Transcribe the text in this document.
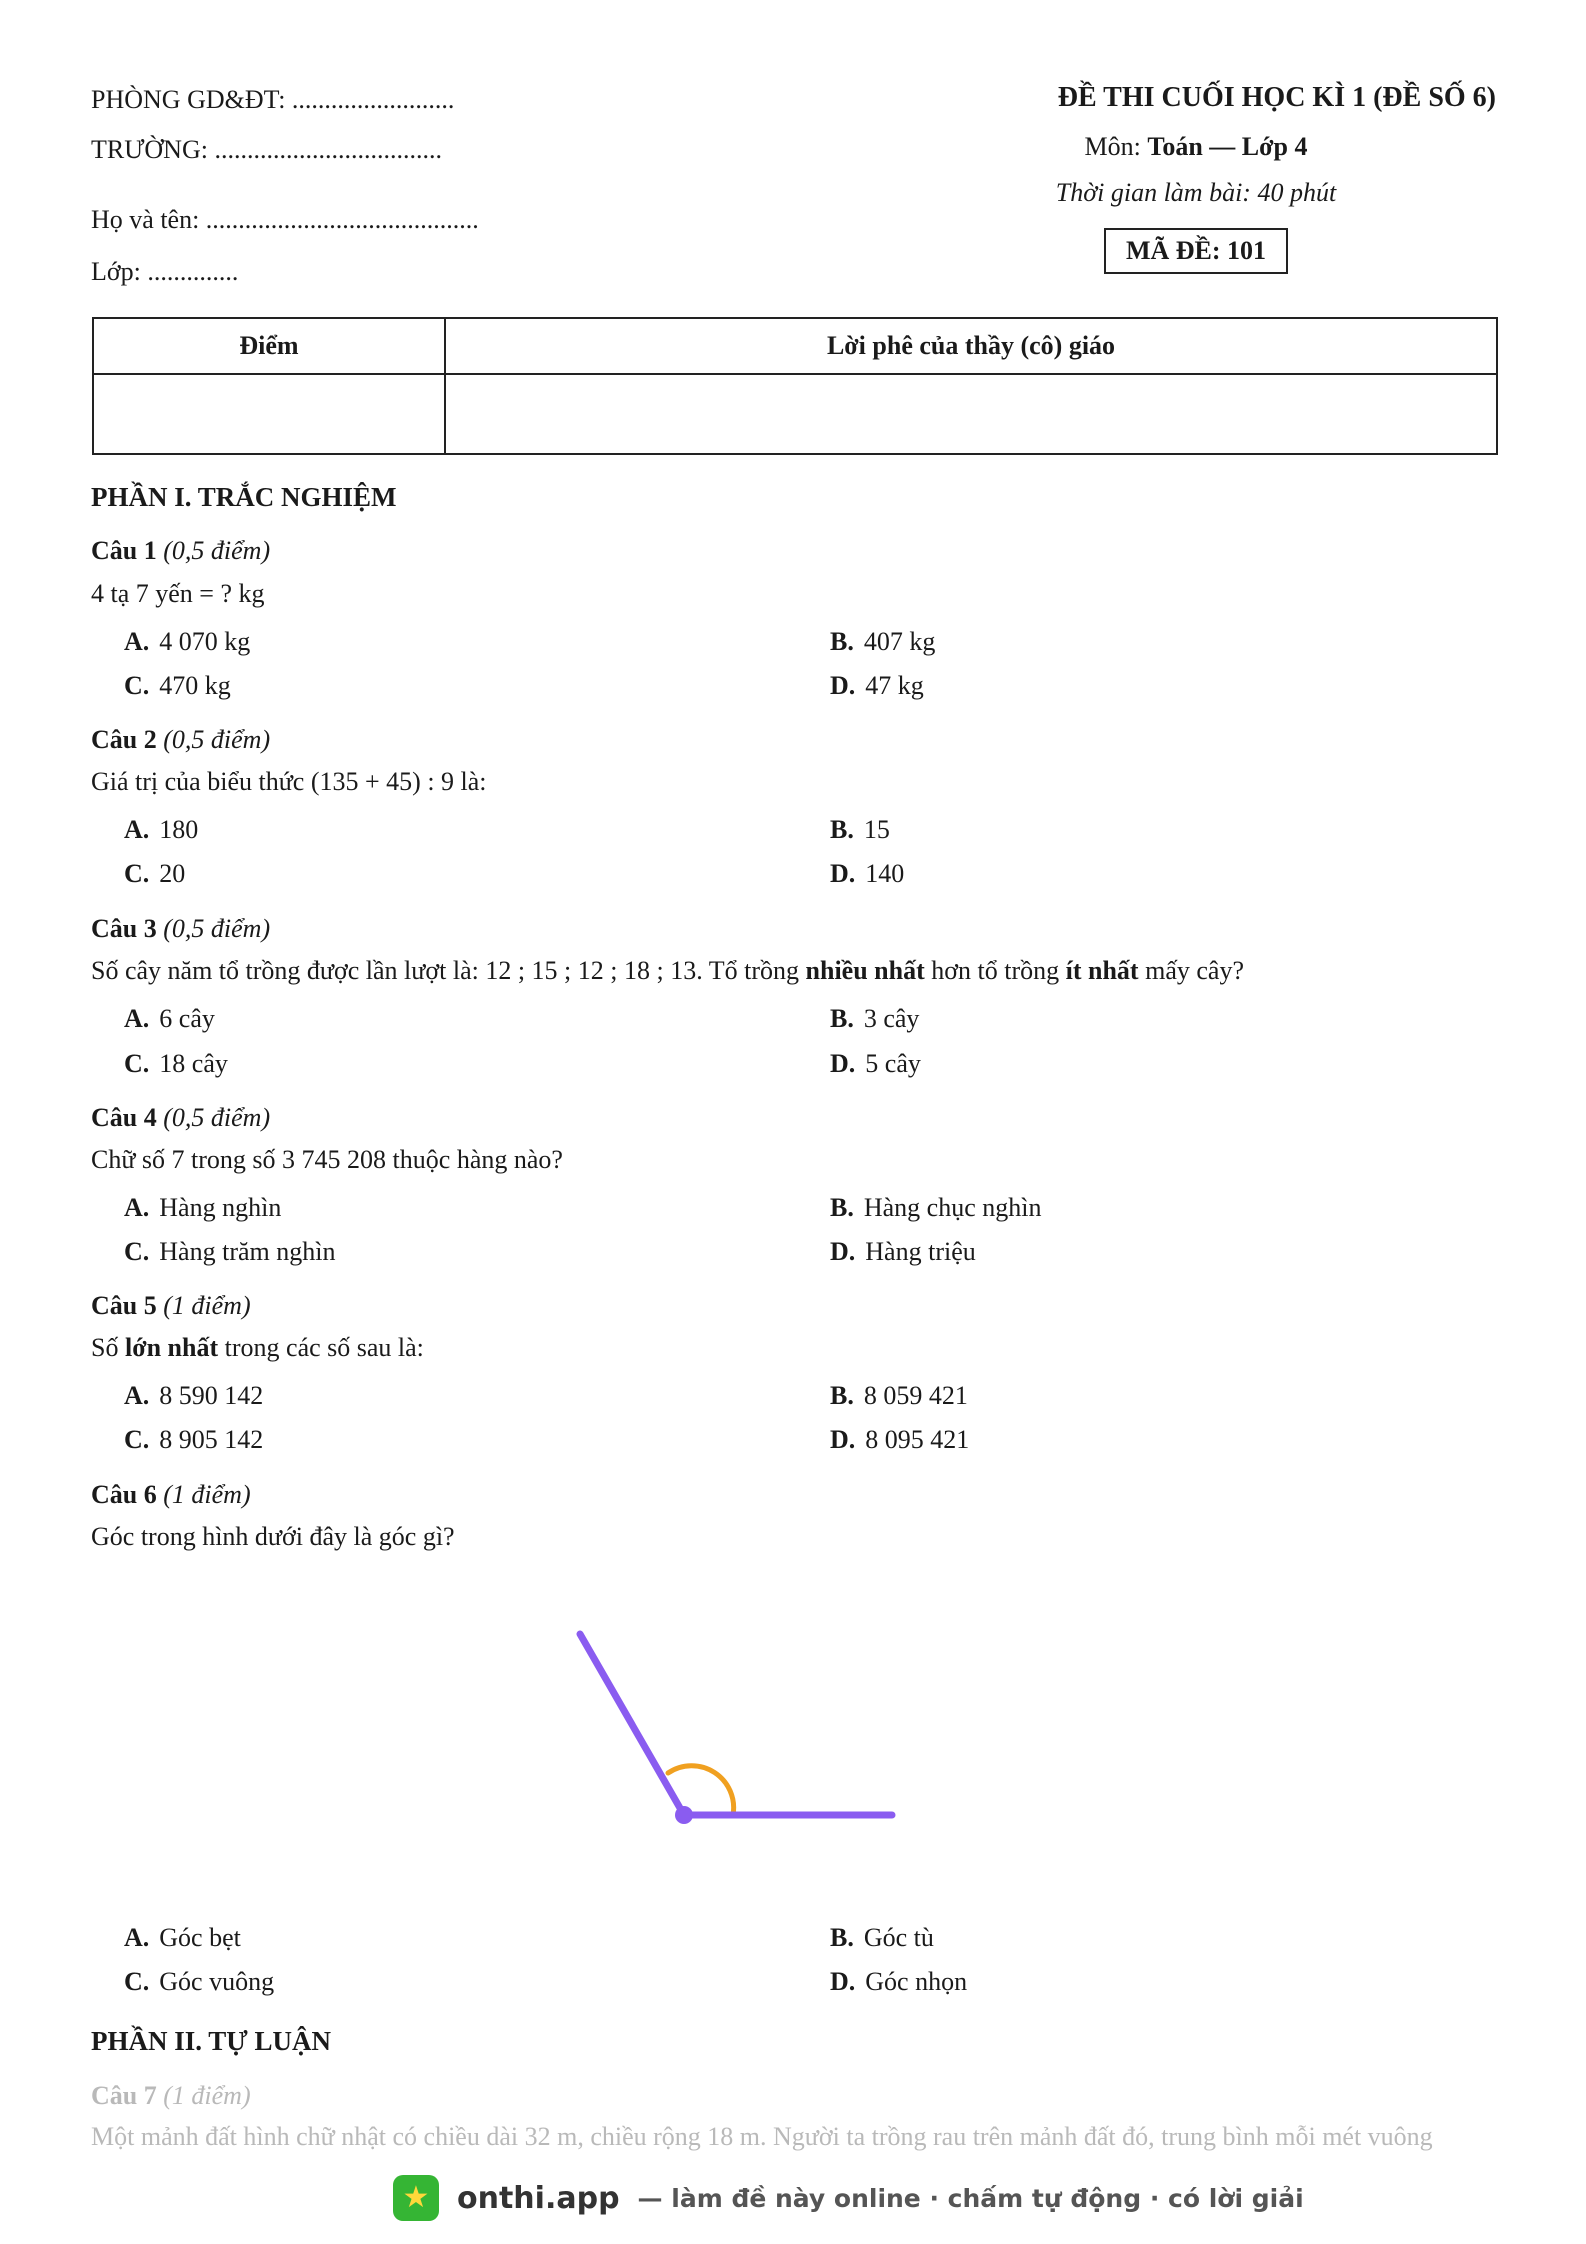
PHÒNG GD&ĐT: .........................
TRƯỜNG: ...................................
Họ và tên: ..........................................
Lớp: ..............
ĐỀ THI CUỐI HỌC KÌ 1 (ĐỀ SỐ 6)
Môn: Toán — Lớp 4
Thời gian làm bài: 40 phút
MÃ ĐỀ: 101
Điểm	Lời phê của thầy (cô) giáo

PHẦN I. TRẮC NGHIỆM
Câu 1 (0,5 điểm)
4 tạ 7 yến = ? kg
A. 4 070 kg	B. 407 kg
C. 470 kg	D. 47 kg
Câu 2 (0,5 điểm)
Giá trị của biểu thức (135 + 45) : 9 là:
A. 180	B. 15
C. 20	D. 140
Câu 3 (0,5 điểm)
Số cây năm tổ trồng được lần lượt là: 12 ; 15 ; 12 ; 18 ; 13. Tổ trồng nhiều nhất hơn tổ trồng ít nhất mấy cây?
A. 6 cây	B. 3 cây
C. 18 cây	D. 5 cây
Câu 4 (0,5 điểm)
Chữ số 7 trong số 3 745 208 thuộc hàng nào?
A. Hàng nghìn	B. Hàng chục nghìn
C. Hàng trăm nghìn	D. Hàng triệu
Câu 5 (1 điểm)
Số lớn nhất trong các số sau là:
A. 8 590 142	B. 8 059 421
C. 8 905 142	D. 8 095 421
Câu 6 (1 điểm)
Góc trong hình dưới đây là góc gì?
A. Góc bẹt	B. Góc tù
C. Góc vuông	D. Góc nhọn
PHẦN II. TỰ LUẬN
Câu 7 (1 điểm)
Một mảnh đất hình chữ nhật có chiều dài 32 m, chiều rộng 18 m. Người ta trồng rau trên mảnh đất đó, trung bình mỗi mét vuông
★ onthi.app — làm đề này online · chấm tự động · có lời giải
